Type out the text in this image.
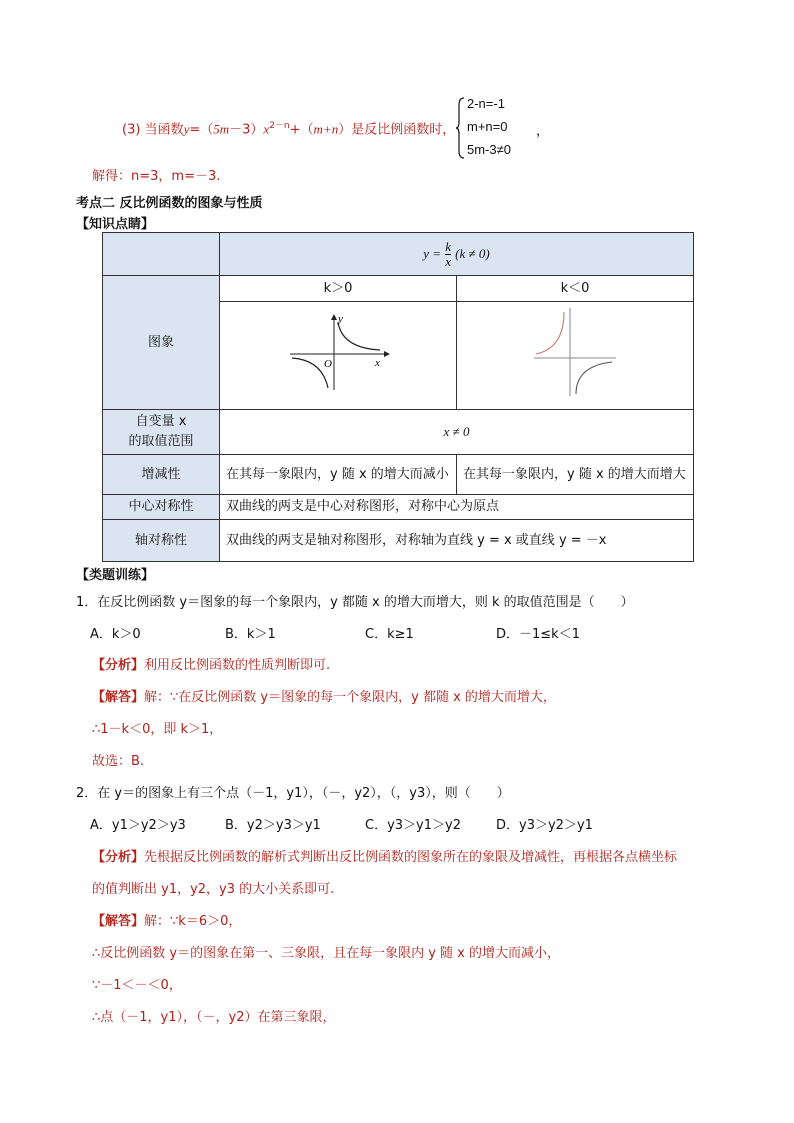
(3) 当函数$y=(5m-3)x^{2-n}+(m+n)$是反比例函数时，
2-n=-1
m+n=0
5m-3≠0
，
解得：n=3，m=－3.
考点二 反比例函数的图象与性质
【知识点睛】
	$y = \frac{k}{x} (k \ne 0)$	
图象	k＞0	k＜0

y
O x

自变量 x
的取值范围	x ≠ 0	
增减性	在其每一象限内，y 随 x 的增大而减小	在其每一象限内，y 随 x 的增大而增大
中心对称性	双曲线的两支是中心对称图形，对称中心为原点	
轴对称性	双曲线的两支是轴对称图形，对称轴为直线 y = x 或直线 y = －x	
【类题训练】
1．在反比例函数 y＝图象的每一个象限内，y 都随 x 的增大而增大，则 k 的取值范围是（　　）
A．k＞0	B．k＞1	C．k≥1	D．－1≤k＜1
【分析】利用反比例函数的性质判断即可.
【解答】解：∵在反比例函数 y＝图象的每一个象限内，y 都随 x 的增大而增大，
∴1－k＜0，即 k＞1，
故选：B.
2．在 y＝的图象上有三个点（－1，y1），（－，y2），（，y3），则（　　）
A．y1＞y2＞y3	B．y2＞y3＞y1	C．y3＞y1＞y2	D．y3＞y2＞y1
【分析】先根据反比例函数的解析式判断出反比例函数的图象所在的象限及增减性，再根据各点横坐标
的值判断出 y1，y2，y3 的大小关系即可.
【解答】解：∵k＝6＞0，
∴反比例函数 y＝的图象在第一、三象限，且在每一象限内 y 随 x 的增大而减小，
∵－1＜－＜0，
∴点（－1，y1），（－，y2）在第三象限，
